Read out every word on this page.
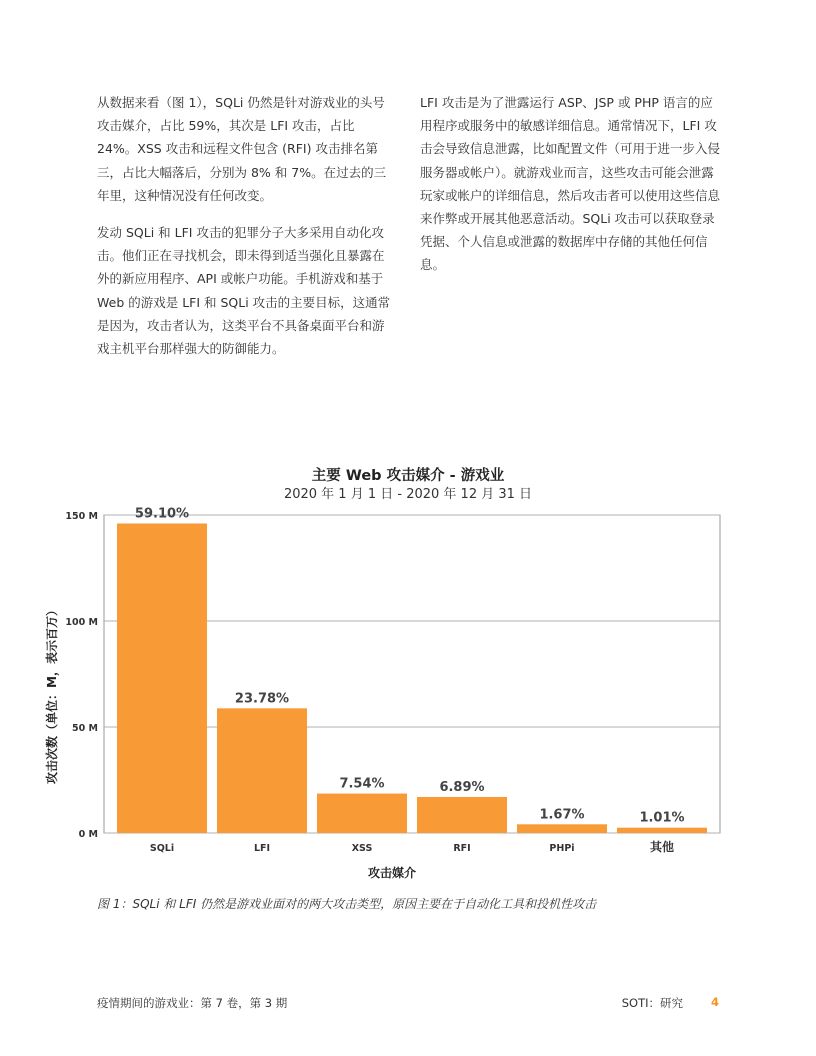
从数据来看（图 1），SQLi 仍然是针对游戏业的头号攻击媒介，占比 59%，其次是 LFI 攻击，占比 24%。XSS 攻击和远程文件包含 (RFI) 攻击排名第三，占比大幅落后，分别为 8% 和 7%。在过去的三年里，这种情况没有任何改变。

发动 SQLi 和 LFI 攻击的犯罪分子大多采用自动化攻击。他们正在寻找机会，即未得到适当强化且暴露在外的新应用程序、API 或帐户功能。手机游戏和基于 Web 的游戏是 LFI 和 SQLi 攻击的主要目标，这通常是因为，攻击者认为，这类平台不具备桌面平台和游戏主机平台那样强大的防御能力。

LFI 攻击是为了泄露运行 ASP、JSP 或 PHP 语言的应用程序或服务中的敏感详细信息。通常情况下，LFI 攻击会导致信息泄露，比如配置文件（可用于进一步入侵服务器或帐户）。就游戏业而言，这些攻击可能会泄露玩家或帐户的详细信息，然后攻击者可以使用这些信息来作弊或开展其他恶意活动。SQLi 攻击可以获取登录凭据、个人信息或泄露的数据库中存储的其他任何信息。

主要 Web 攻击媒介 - 游戏业
2020 年 1 月 1 日 - 2020 年 12 月 31 日
0 M
50 M
100 M
150 M	59.10%
SQLi
23.78%
LFI
7.54%
XSS
6.89%
RFI
1.67%
PHPi
1.01%
其他
攻击媒介
攻击次数（单位：M，表示百万）
图 1：SQLi 和 LFI 仍然是游戏业面对的两大攻击类型，原因主要在于自动化工具和投机性攻击
疫情期间的游戏业：第 7 卷，第 3 期	SOTI：研究 4
